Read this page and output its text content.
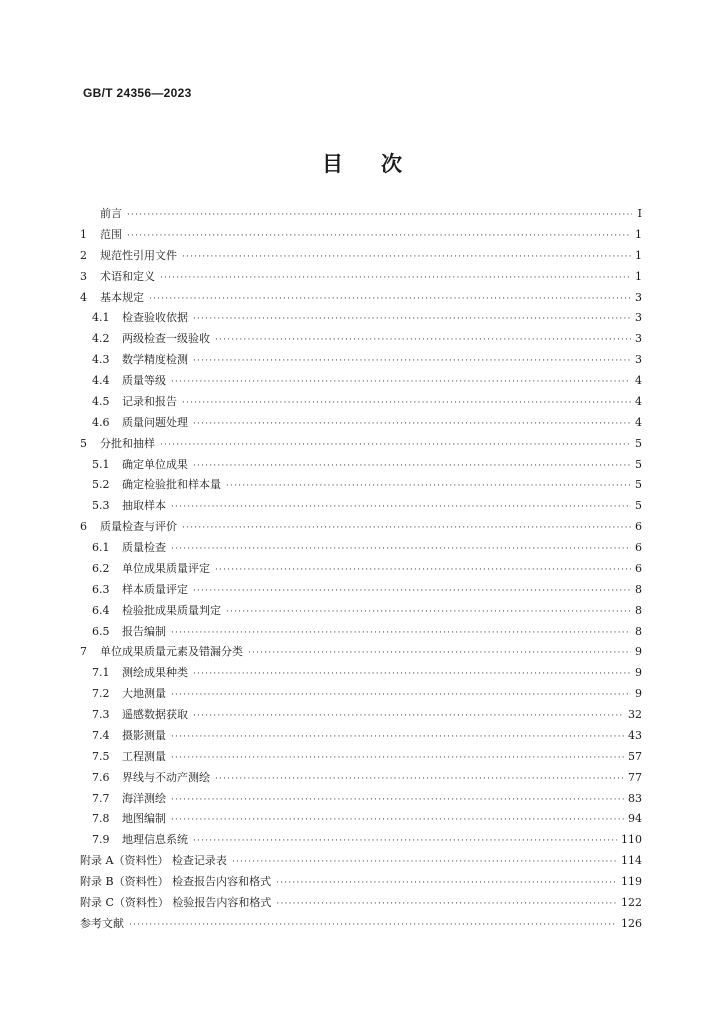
GB/T 24356—2023
目 次
前言 ·····	Ⅰ
1	范围 ·····	1
2	规范性引用文件 ·····	1
3	术语和定义 ·····	1
4	基本规定 ·····	3
4.1	检查验收依据 ·····	3
4.2	两级检查一级验收 ·····	3
4.3	数学精度检测 ·····	3
4.4	质量等级 ·····	4
4.5	记录和报告 ·····	4
4.6	质量问题处理 ·····	4
5	分批和抽样 ·····	5
5.1	确定单位成果 ·····	5
5.2	确定检验批和样本量 ·····	5
5.3	抽取样本 ·····	5
6	质量检查与评价 ·····	6
6.1	质量检查 ·····	6
6.2	单位成果质量评定 ·····	6
6.3	样本质量评定 ·····	8
6.4	检验批成果质量判定 ·····	8
6.5	报告编制 ·····	8
7	单位成果质量元素及错漏分类 ·····	9
7.1	测绘成果种类 ·····	9
7.2	大地测量 ·····	9
7.3	遥感数据获取 ·····	32
7.4	摄影测量 ·····	43
7.5	工程测量 ·····	57
7.6	界线与不动产测绘 ·····	77
7.7	海洋测绘 ·····	83
7.8	地图编制 ·····	94
7.9	地理信息系统 ·····	110
附录 A（资料性） 检查记录表 ·····	114
附录 B（资料性） 检查报告内容和格式 ·····	119
附录 C（资料性） 检验报告内容和格式 ·····	122
参考文献 ·····	126
